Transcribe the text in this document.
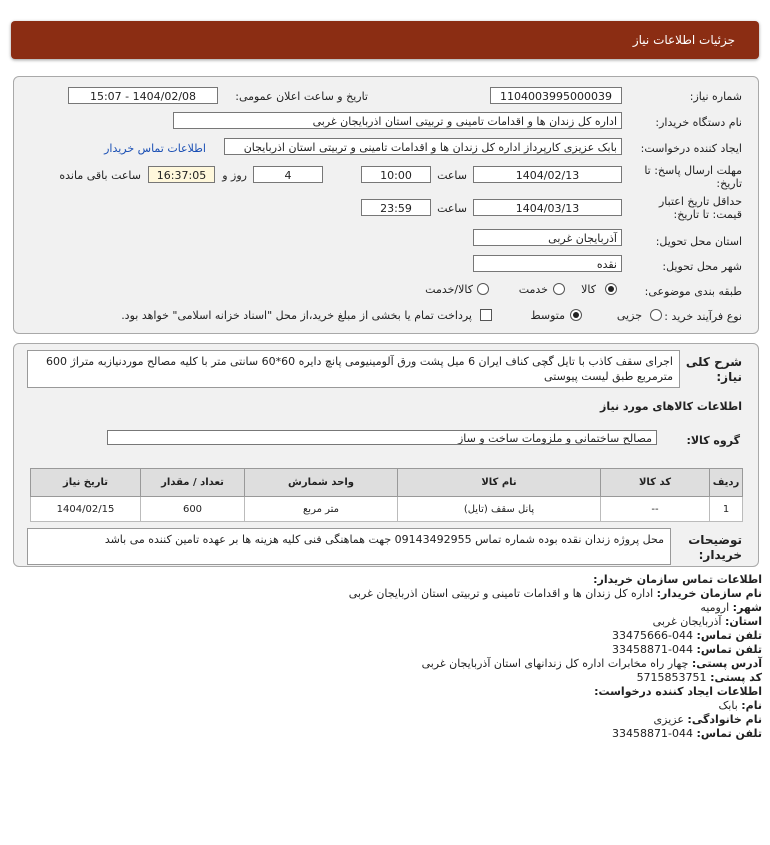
جزئیات اطلاعات نیاز
شماره نیاز:
1104003995000039
تاریخ و ساعت اعلان عمومی:
1404/02/08 - 15:07
نام دستگاه خریدار:
اداره کل زندان ها و اقدامات تامینی و تربیتی استان اذربایجان غربی
ایجاد کننده درخواست:
بابک عزیزی کارپرداز اداره کل زندان ها و اقدامات تامینی و تربیتی استان اذربایجان
اطلاعات تماس خریدار
مهلت ارسال پاسخ: تا
تاریخ:
1404/02/13
ساعت
10:00
4
روز و
16:37:05
ساعت باقی مانده
حداقل تاریخ اعتبار
قیمت: تا تاریخ:
1404/03/13
ساعت
23:59
استان محل تحویل:
آذربایجان غربی
شهر محل تحویل:
نقده
طبقه بندی موضوعی:
کالا
خدمت
کالا/خدمت
نوع فرآیند خرید :
جزیی
متوسط
پرداخت تمام یا بخشی از مبلغ خرید،از محل "اسناد خزانه اسلامی" خواهد بود.
شرح کلی
نیاز:
اجرای سقف کاذب با تایل گچی کناف ایران 6 میل پشت ورق آلومینیومی پانچ دایره 60*60 سانتی متر با کلیه مصالح موردنیازبه متراژ 600 مترمربع طبق لیست پیوستی
اطلاعات کالاهای مورد نیاز
گروه کالا:
مصالح ساختمانی و ملزومات ساخت و ساز
ردیف	کد کالا	نام کالا	واحد شمارش	تعداد / مقدار	تاریخ نیاز
1	--	پانل سقف (تایل)	متر مربع	600	1404/02/15
توضیحات
خریدار:
محل پروژه زندان نقده بوده شماره تماس 09143492955 جهت هماهنگی فنی کلیه هزینه ها بر عهده تامین کننده می باشد
اطلاعات تماس سازمان خریدار:
نام سازمان خریدار: اداره کل زندان ها و اقدامات تامینی و تربیتی استان اذربایجان غربی
شهر: ارومیه
استان: آذربایجان غربی
تلفن تماس: 044-33475666
تلفن تماس: 044-33458871
آدرس پستی: چهار راه مخابرات اداره کل زندانهای استان آذربایجان غربی
کد پستی: 5715853751
اطلاعات ایجاد کننده درخواست:
نام: بابک
نام خانوادگی: عزیزی
تلفن تماس: 044-33458871
